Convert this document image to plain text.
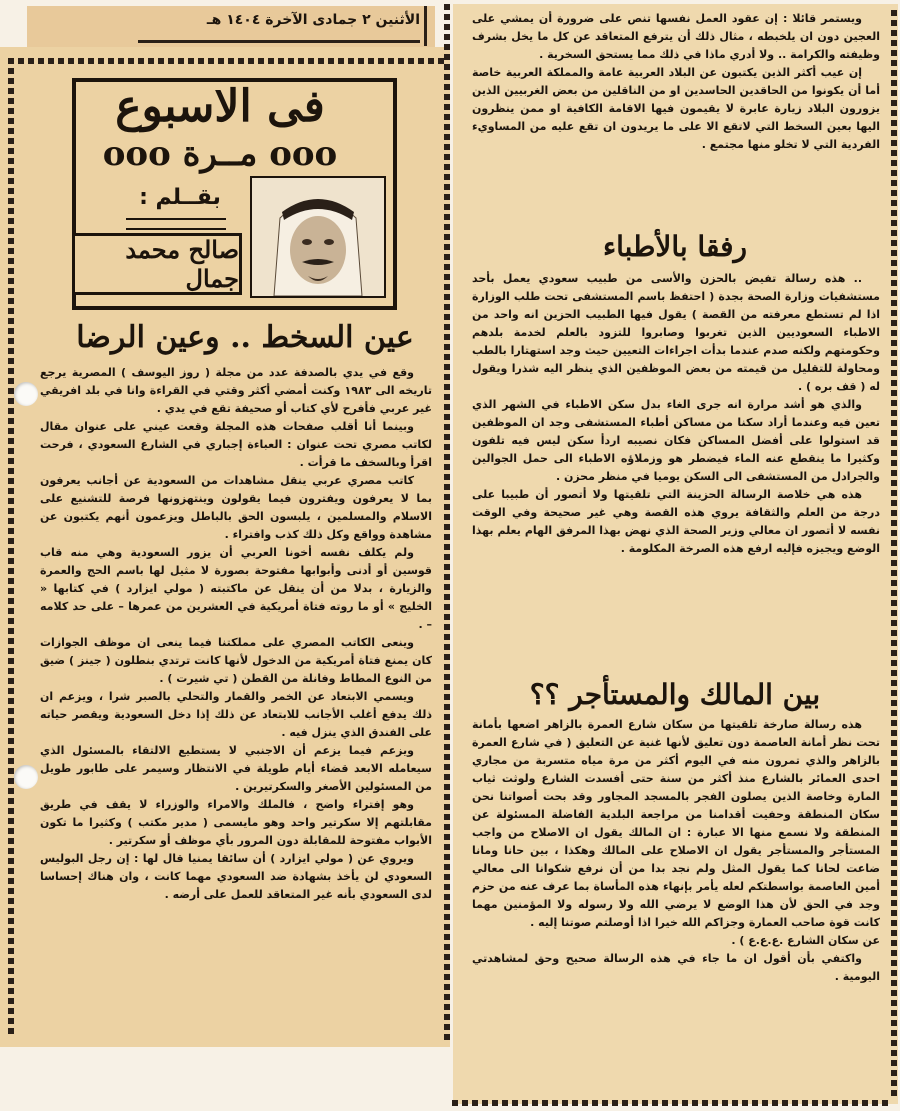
الأثنين ٢ جمادى الآخرة ١٤٠٤ هـ
فى الاسبوع
ooo مــرة ooo
بقــلم :
صالح محمد جمال
عين السخط .. وعين الرضا

وقع في يدي بالصدفة عدد من مجلة ( روز اليوسف ) المصرية يرجع تاريخه الى ١٩٨٣ وكنت أمضي أكثر وقتي في القراءة وانا في بلد افريقي غير عربي فأفرح لأي كتاب أو صحيفة تقع في يدي .

وبينما أنا أقلب صفحات هذه المجلة وقعت عيني على عنوان مقال لكاتب مصري تحت عنوان : العباءة إجباري في الشارع السعودي ، فرحت اقرأ وبالسخف ما قرأت .

كاتب مصري عربي ينقل مشاهدات من السعودية عن أجانب يعرفون بما لا يعرفون ويفترون فيما يقولون وينتهزونها فرصة للتشنيع على الاسلام والمسلمين ، يلبسون الحق بالباطل ويزعمون أنهم يكتبون عن مشاهدة وواقع وكل ذلك كذب وافتراء .

ولم يكلف نفسه أخونا العربي أن يزور السعودية وهي منه قاب قوسين أو أدنى وأبوابها مفتوحة بصورة لا مثيل لها باسم الحج والعمرة والزيارة ، بدلا من أن ينقل عن ماكتبته ( مولي ايزارد ) في كتابها « الخليج » أو ما روته فتاة أمريكية في العشرين من عمرها – على حد كلامه – .

وينعى الكاتب المصري على مملكتنا فيما ينعى ان موظف الجوازات كان يمنع فتاة أمريكية من الدخول لأنها كانت ترتدي بنطلون ( جينز ) ضيق من النوع المطاط وفانلة من القطن ( تي شيرت ) .

ويسمي الابتعاد عن الخمر والقمار والتحلي بالصبر شرا ، ويزعم ان ذلك يدفع أغلب الأجانب للابتعاد عن ذلك إذا دخل السعودية ويقصر حياته على الفندق الذي ينزل فيه .

ويزعم فيما يزعم أن الاجنبي لا يستطيع الالتقاء بالمسئول الذي سيعامله الابعد قضاء أيام طويلة في الانتظار وسيمر على طابور طويل من المسئولين الأصغر والسكرتيرين .

وهو إفتراء واضح ، فالملك والامراء والوزراء لا يقف في طريق مقابلتهم إلا سكرتير واحد وهو مايسمى ( مدير مكتب ) وكثيرا ما تكون الأبواب مفتوحة للمقابلة دون المرور بأي موظف أو سكرتير .

ويروي عن ( مولي ايزارد ) أن سائقا يمنيا قال لها : إن رجل البوليس السعودي لن يأخذ بشهادة ضد السعودي مهما كانت ، وان هناك إحساسا لدى السعودي بأنه غير المتعاقد للعمل على أرضه .

ويستمر قائلا : إن عقود العمل نفسها تنص على ضرورة أن يمشي على العجين دون ان يلخبطه ، مثال ذلك أن يترفع المتعاقد عن كل ما يخل بشرف وظيفته والكرامة .. ولا أدري ماذا في ذلك مما يستحق السخرية .

إن عيب أكثر الذين يكتبون عن البلاد العربية عامة والمملكة العربية خاصة أما أن يكونوا من الحاقدين الحاسدين او من الناقلين من بعض الغربيين الذين يزورون البلاد زيارة عابرة لا يقيمون فيها الاقامة الكافية او ممن ينظرون اليها بعين السخط التي لاتقع الا على ما يريدون ان تقع عليه من المساويء الفردية التي لا تخلو منها مجتمع .

رفقا بالأطباء

.. هذه رسالة تفيض بالحزن والأسى من طبيب سعودي يعمل بأحد مستشفيات وزارة الصحة بجدة ( احتفظ باسم المستشفى تحت طلب الوزارة اذا لم تستطع معرفته من القصة ) يقول فيها الطبيب الحزين انه واحد من الاطباء السعوديين الذين تغربوا وصابروا للتزود بالعلم لخدمة بلدهم وحكومتهم ولكنه صدم عندما بدأت اجراءات التعيين حيث وجد استهتارا بالطب ومحاولة للتقليل من قيمته من بعض الموظفين الذي ينظر اليه شذرا ويقول له ( قف بره ) .

والذي هو أشد مرارة انه جرى الغاء بدل سكن الاطباء في الشهر الذي تعين فيه وعندما أراد سكنا من مساكن أطباء المستشفى وجد ان الموظفين قد استولوا على أفضل المساكن فكان نصيبه اردأ سكن ليس فيه تلفون وكثيرا ما ينقطع عنه الماء فيضطر هو وزملاؤه الاطباء الى حمل الجوالين والجرادل من المستشفى الى السكن يوميا في منظر محزن .

هذه هي خلاصة الرسالة الحزينة التي تلقيتها ولا أتصور أن طبيبا على درجة من العلم والثقافة يروي هذه القصة وهي غير صحيحة وفي الوقت نفسه لا أتصور ان معالي وزير الصحة الذي نهض بهذا المرفق الهام يعلم بهذا الوضع ويجيزه فإليه ارفع هذه الصرخة المكلومة .

بين المالك والمستأجر ؟؟

هذه رسالة صارخة تلقيتها من سكان شارع العمرة بالزاهر اضعها بأمانة تحت نظر أمانة العاصمة دون تعليق لأنها غنية عن التعليق ( في شارع العمرة بالزاهر والذي تمرون منه في اليوم أكثر من مرة مياه متسربة من مجاري احدى العمائر بالشارع منذ أكثر من سنة حتى أفسدت الشارع ولوثت ثياب المارة وخاصة الذين يصلون الفجر بالمسجد المجاور وقد بحت أصواتنا نحن سكان المنطقة وحفيت أقدامنا من مراجعة البلدية الفاضلة المسئولة عن المنطقة ولا نسمع منها الا عبارة : ان المالك يقول ان الاصلاح من واجب المستأجر والمستأجر يقول ان الاصلاح على المالك وهكذا ، بين حانا ومانا ضاعت لحانا كما يقول المثل ولم نجد بدا من أن نرفع شكوانا الى معالي أمين العاصمة بواسطتكم لعله يأمر بإنهاء هذه المأساة بما عرف عنه من حزم وجد في الحق لأن هذا الوضع لا يرضي الله ولا رسوله ولا المؤمنين مهما كانت قوة صاحب العمارة وجزاكم الله خيرا اذا أوصلتم صوتنا إليه .

عن سكان الشارع .ع.ع.ع ) .

واكتفي بأن أقول ان ما جاء في هذه الرسالة صحيح وحق لمشاهدتي اليومية .
